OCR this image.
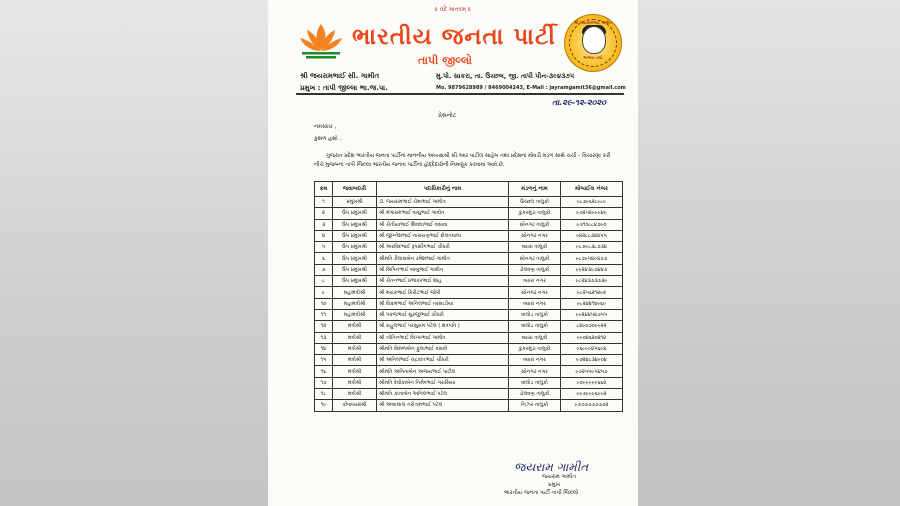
॥ વંદે માતરમ્ ॥
ભારતીય જનતા પાર્ટી
તાપી જીલ્લો
શ્રી જયરામભાઈ ગામીત
ભાજપ તાપી
શ્રી જયરામભાઈ સી. ગામીત
પ્રમુખ : તાપી જીલ્લા ભા.જ.પા.
મુ.પો. સાકરા, તા. ઉચ્છલ, જી. તાપી પીન-૩૯૪૩૭૫
Mo. 9879628989 / 8469004243, E-Mail : jayramgamit36@gmail.com
તા.૨૯-૧૨-૨૦૨૦
પ્રેસનોટ
નમસ્કાર ,
કુશળ હશો ,
ગુજરાત પ્રદેશ ભારતીય જનતા પાર્ટીનાં માનનીય અધ્યક્ષશ્રી સી.આર પાટીલ સાહેબ તથા પ્રદેશનાં મોવડી મંડળ સાથે ચર્ચા – વિચારણા કરી નીચે મુજબનાં તાપી જિલ્લા ભારતીય જનતા પાર્ટીનાં હોદ્દેદારોની નિમણૂંક કરવામાં આવે છે.
ક્રમ	જવાબદારી	પદાધિકારીનું નામ	મંડળનું નામ	મોબાઈલ નંબર
૧	પ્રમુખશ્રી	ડૉ. જયરામભાઈ ચેમાભાઈ ગામીત	ઉચ્છલ તાલુકો	૯૮૭૯૬૨૮૯૮૯
૨	ઉપ પ્રમુખશ્રી	શ્રી મંગારામભાઈ વાસુભાઈ ગાવીત	કુકરમુંડા તાલુકો	૯૭૨૫૨૯૯૯૪૯
૩	ઉપ પ્રમુખશ્રી	શ્રી ચેતીયાભાઈ શિવલાભાઈ વસાવા	સોનગઢ તાલુકો	૯૭૧૦૮૮૪૭૯૦
૪	ઉપ પ્રમુખશ્રી	શ્રી જીગ્નેશભાઈ નારાયણભાઈ દોલતવાલા	સોનગઢ નગર	૯૪૨૮૮૩૪૪૫૫
૫	ઉપ પ્રમુખશ્રી	શ્રી અરવિંદભાઈ રૂપસીંગભાઈ ચૌધરી	વ્યારા તાલુકો	૯૮૭૯૮૩૮૭૩૪
૬	ઉપ પ્રમુખશ્રી	શ્રીમતિ કૈલાસબેન રમેશભાઈ ગામીત	સોનગઢ તાલુકો	૯૮૭૯૫૪૯૪૭૭
૭	ઉપ પ્રમુખશ્રી	શ્રી બિપિનભાઈ બાબુભાઈ ગામીત	ડોલવણ તાલુકો	૯૯૨૪૩૯૭૪૪૭
૮	ઉપ પ્રમુખશ્રી	શ્રી ચેતનભાઈ પ્રભાકરભાઈ શાહ	વ્યારા નગર	૯૮૨૪૩૭૩૭૩૯
૯	મહામંત્રીશ્રી	શ્રી મયંકભાઈ કિરીટભાઈ જોષી	સોનગઢ નગર	૯૮૨૫૬૨૧૨૯૨
૧૦	મહામંત્રીશ્રી	શ્રી વિક્રમભાઈ અનિલભાઈ તરસાડીયા	વ્યારા નગર	૯૮૨૪૪૧૪૯૬૯
૧૧	મહામંત્રીશ્રી	શ્રી પંકજભાઈ સુરજીભાઈ ચૌધરી	વાલોડ તાલુકો	૯૯૨૪૪૫૪૭૫૫
૧૨	મંત્રીશ્રી	શ્રી રાહુલભાઈ પરસુરામ પટેલ ( ક્ષત્રપતિ )	વાલોડ તાલુકો	૮૪૯૦૭૦૯૯૨૨
૧૩	મંત્રીશ્રી	શ્રી નીતિનભાઈ બિપ્પાભાઈ ગામીત	વ્યારા તાલુકો	૯૯૦૪૬૨૦૨૧૨
૧૪	મંત્રીશ્રી	શ્રીમતિ વિમળાબેન ફુલાભાઈ વસાવે	કુકરમુંડા તાલુકો	૯૬૯૯૯૪૫૬૯૪
૧૫	મંત્રીશ્રી	શ્રી અનિલભાઈ ચંદ્રકાંતભાઈ ચૌધરી	વ્યારા નગર	૯૭૨૪૮૩૪૯૦૪
૧૬	મંત્રીશ્રી	શ્રીમતિ અનિતાબેન અજયભાઈ પાટીલ	સોનગઢ નગર	૯૭૨૫૫૯૫૪૫૭
૧૭	મંત્રીશ્રી	શ્રીમતિ દેવીકાબેન નિમેષભાઈ ગરાસિયા	વાલોડ તાલુકો	૯૦૯૯૯૯૯૬૬૨
૧૮	મંત્રીશ્રી	શ્રીમતિ કાંતાબેન અનિલભાઈ પટેલ	ડોલવણ તાલુકો	૯૯૭૯૯૯૬૯૯૨
૧૯	કોષાધ્યક્ષશ્રી	શ્રી અંબાલાલ નરોત્તમભાઈ પટેલ	નિઝર તાલુકો	૯૭૭૭૭૭૭૭૭૨
જયરામ ગામીત
જયરામ ગામીત
પ્રમુખ
ભારતીય જનતા પાર્ટી તાપી જિલ્લો
